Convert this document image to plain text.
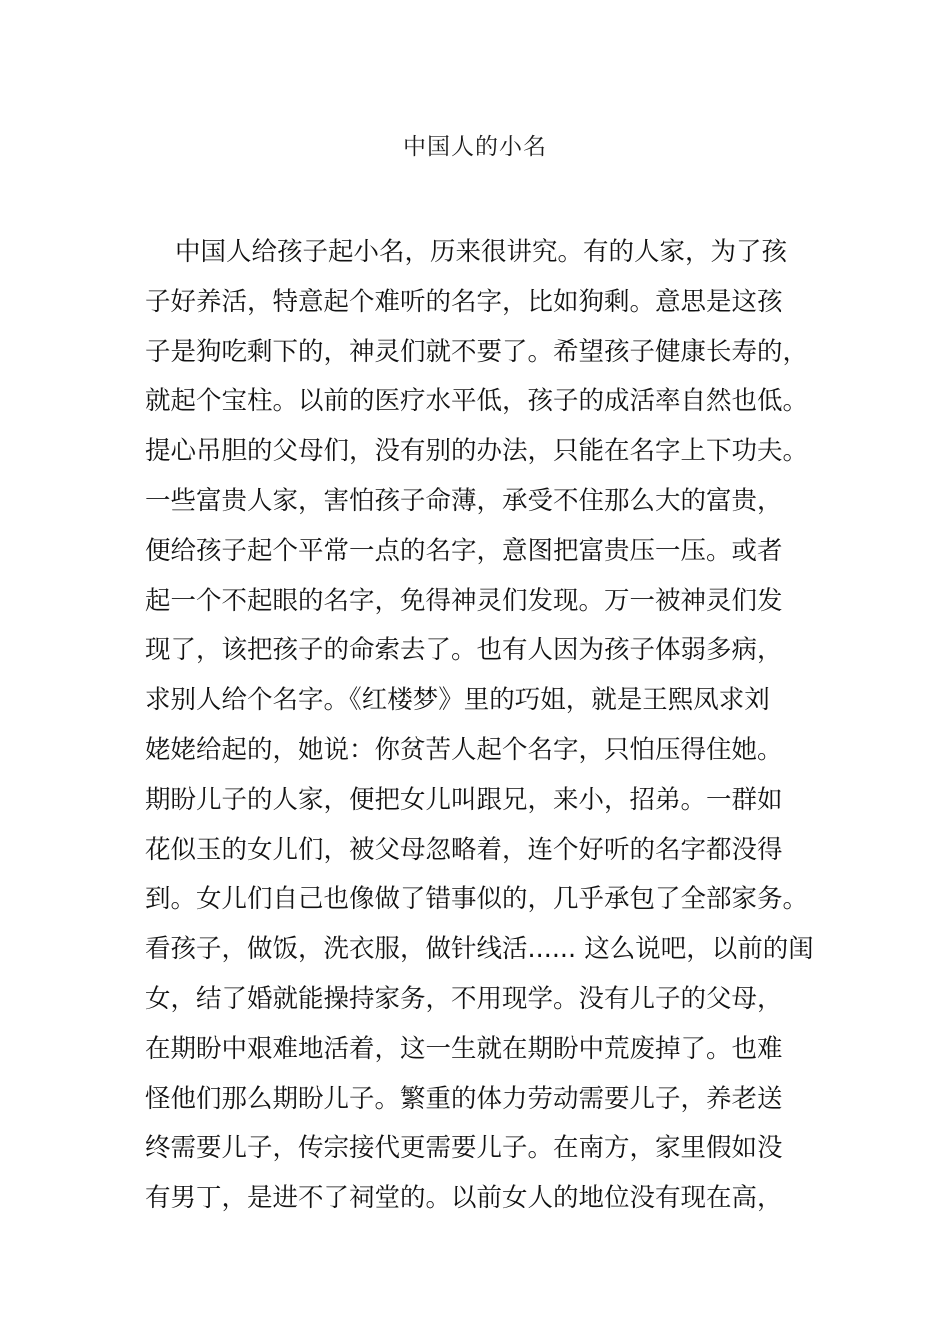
中国人的小名
中国人给孩子起小名，历来很讲究。有的人家，为了孩
子好养活，特意起个难听的名字，比如狗剩。意思是这孩
子是狗吃剩下的，神灵们就不要了。希望孩子健康长寿的，
就起个宝柱。以前的医疗水平低，孩子的成活率自然也低。
提心吊胆的父母们，没有别的办法，只能在名字上下功夫。
一些富贵人家，害怕孩子命薄，承受不住那么大的富贵，
便给孩子起个平常一点的名字，意图把富贵压一压。或者
起一个不起眼的名字，免得神灵们发现。万一被神灵们发
现了，该把孩子的命索去了。也有人因为孩子体弱多病，
求别人给个名字。《红楼梦》里的巧姐，就是王熙凤求刘
姥姥给起的，她说：你贫苦人起个名字，只怕压得住她。
期盼儿子的人家，便把女儿叫跟兄，来小，招弟。一群如
花似玉的女儿们，被父母忽略着，连个好听的名字都没得
到。女儿们自己也像做了错事似的，几乎承包了全部家务。
看孩子，做饭，洗衣服，做针线活...... 这么说吧，以前的闺
女，结了婚就能操持家务，不用现学。没有儿子的父母，
在期盼中艰难地活着，这一生就在期盼中荒废掉了。也难
怪他们那么期盼儿子。繁重的体力劳动需要儿子，养老送
终需要儿子，传宗接代更需要儿子。在南方，家里假如没
有男丁，是进不了祠堂的。以前女人的地位没有现在高，
